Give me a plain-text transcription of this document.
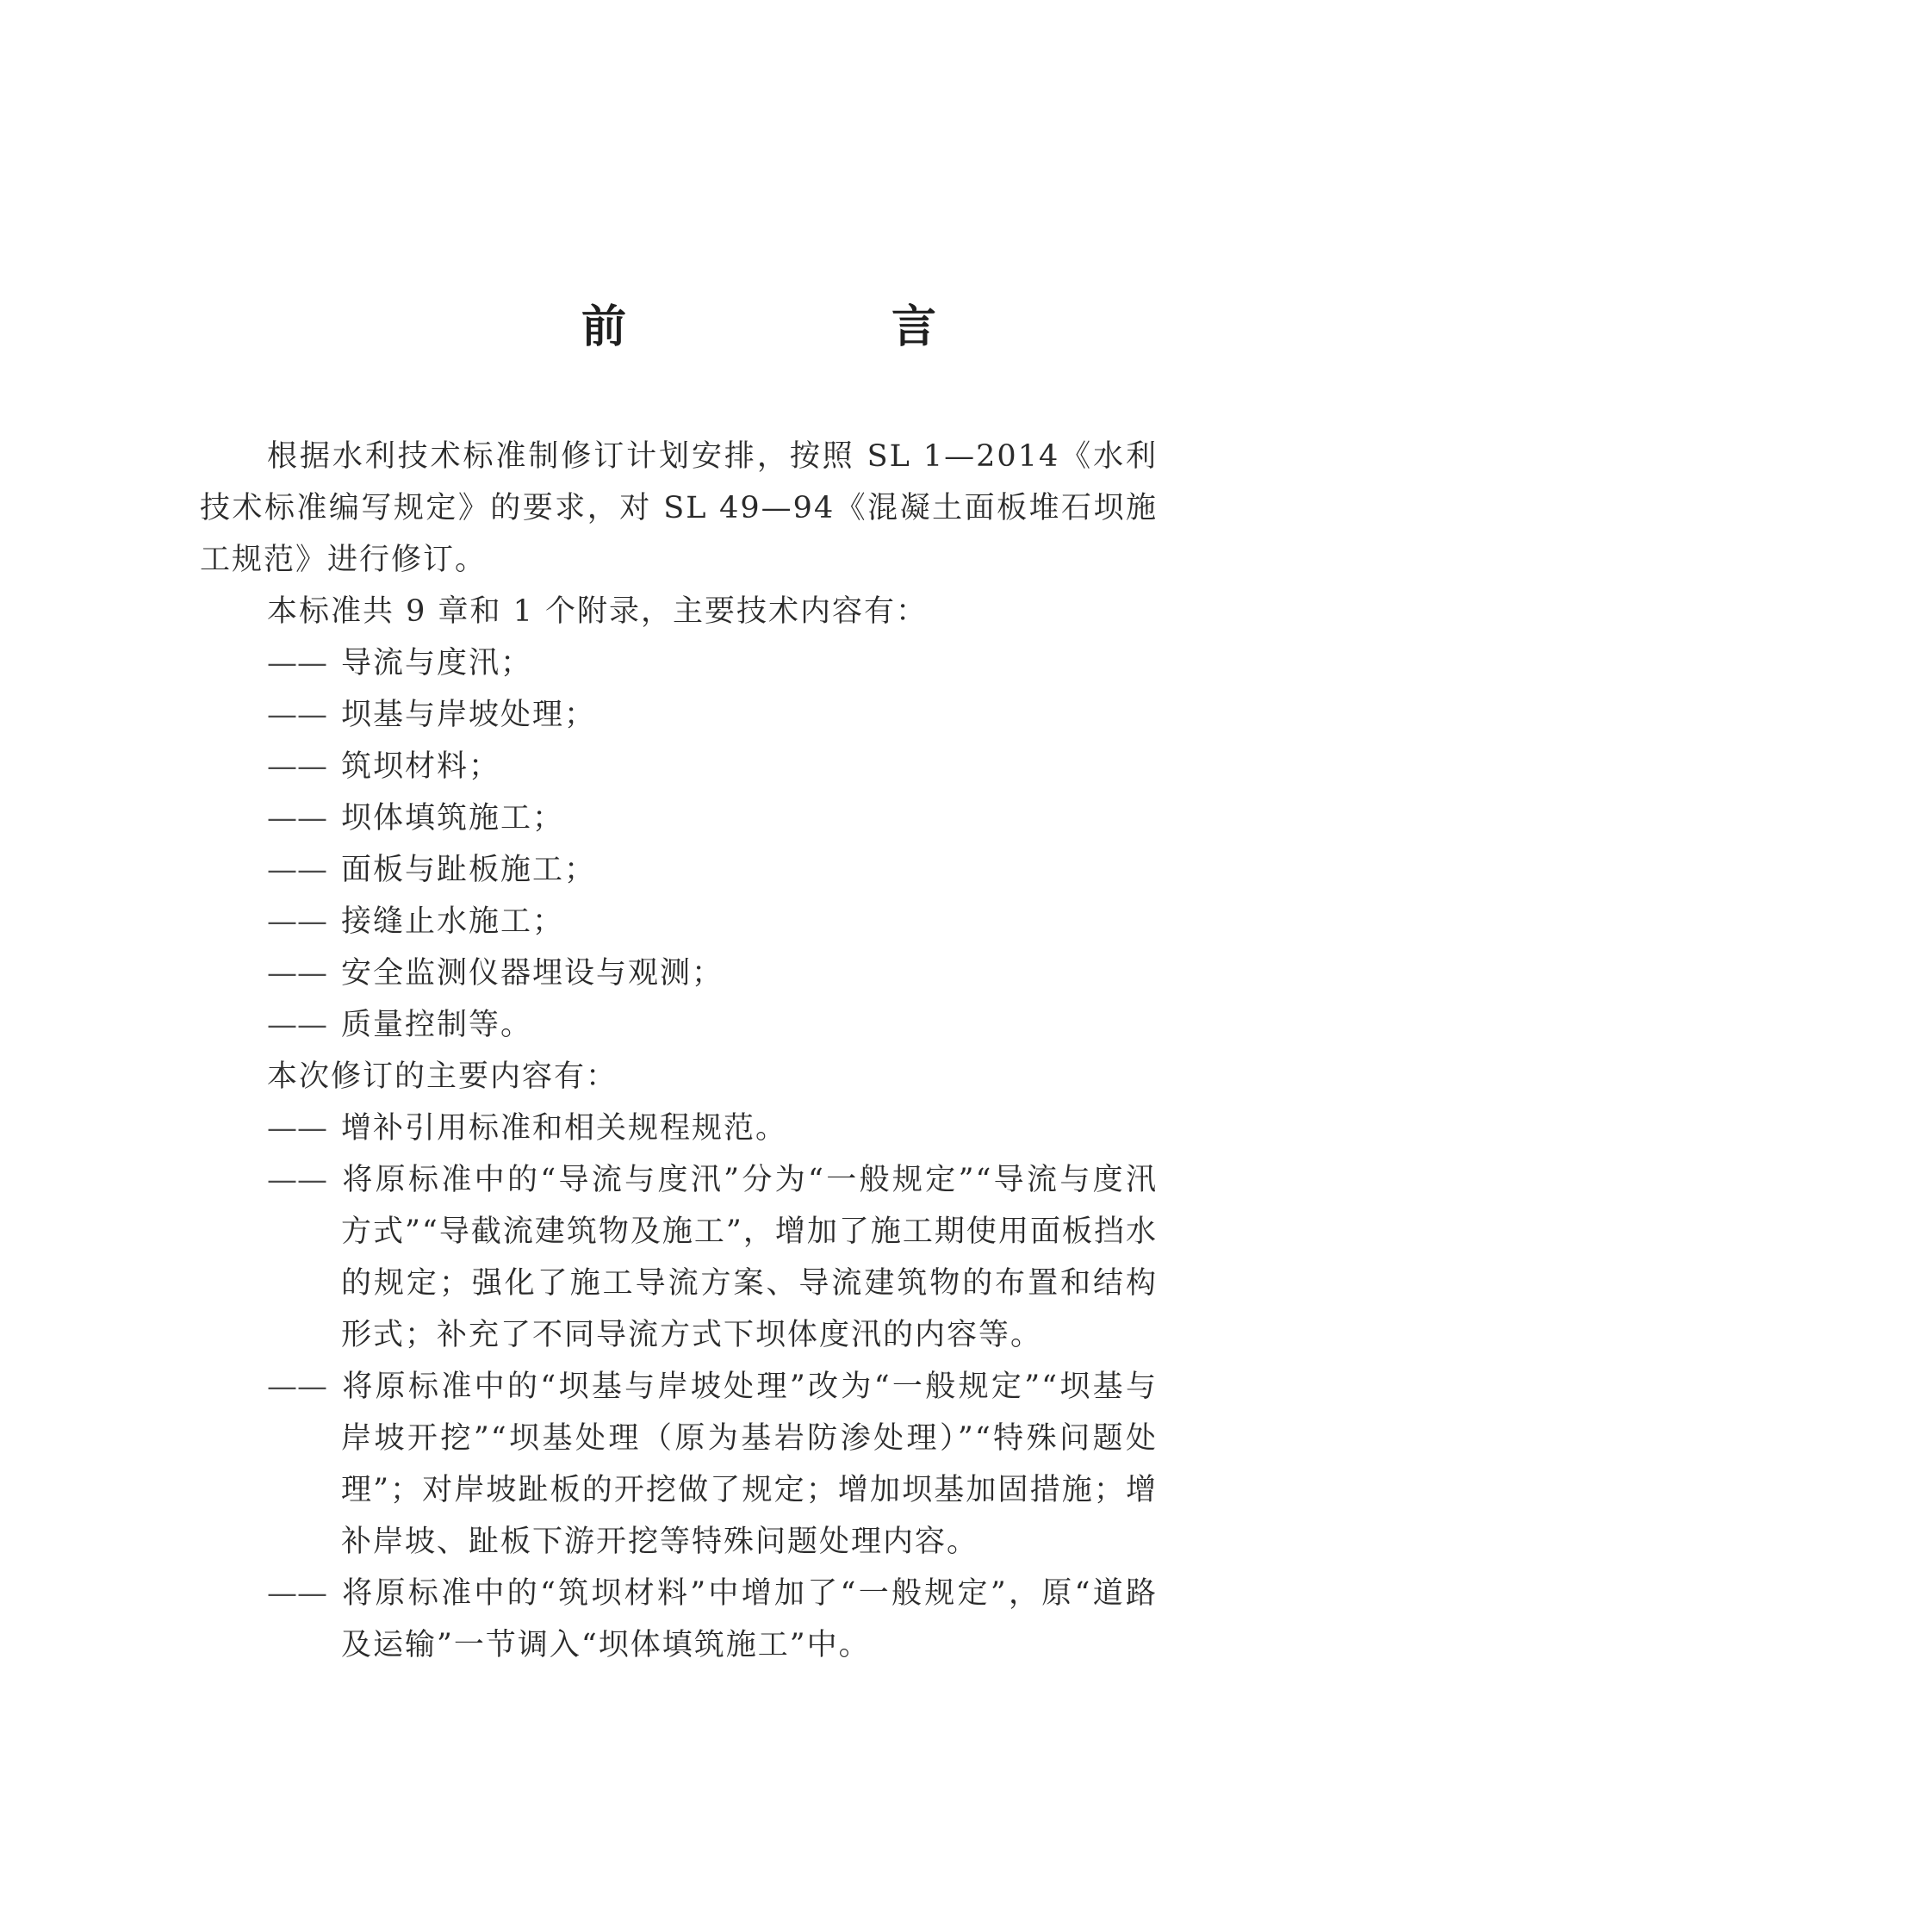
前　言

根据水利技术标准制修订计划安排，按照 SL 1—2014《水利技术标准编写规定》的要求，对 SL 49—94《混凝土面板堆石坝施工规范》进行修订。

本标准共 9 章和 1 个附录，主要技术内容有：

—— 导流与度汛；
—— 坝基与岸坡处理；
—— 筑坝材料；
—— 坝体填筑施工；
—— 面板与趾板施工；
—— 接缝止水施工；
—— 安全监测仪器埋设与观测；
—— 质量控制等。

本次修订的主要内容有：

—— 增补引用标准和相关规程规范。
—— 将原标准中的“导流与度汛”分为“一般规定”“导流与度汛方式”“导截流建筑物及施工”，增加了施工期使用面板挡水的规定；强化了施工导流方案、导流建筑物的布置和结构形式；补充了不同导流方式下坝体度汛的内容等。
—— 将原标准中的“坝基与岸坡处理”改为“一般规定”“坝基与岸坡开挖”“坝基处理（原为基岩防渗处理）”“特殊问题处理”；对岸坡趾板的开挖做了规定；增加坝基加固措施；增补岸坡、趾板下游开挖等特殊问题处理内容。
—— 将原标准中的“筑坝材料”中增加了“一般规定”，原“道路及运输”一节调入“坝体填筑施工”中。
